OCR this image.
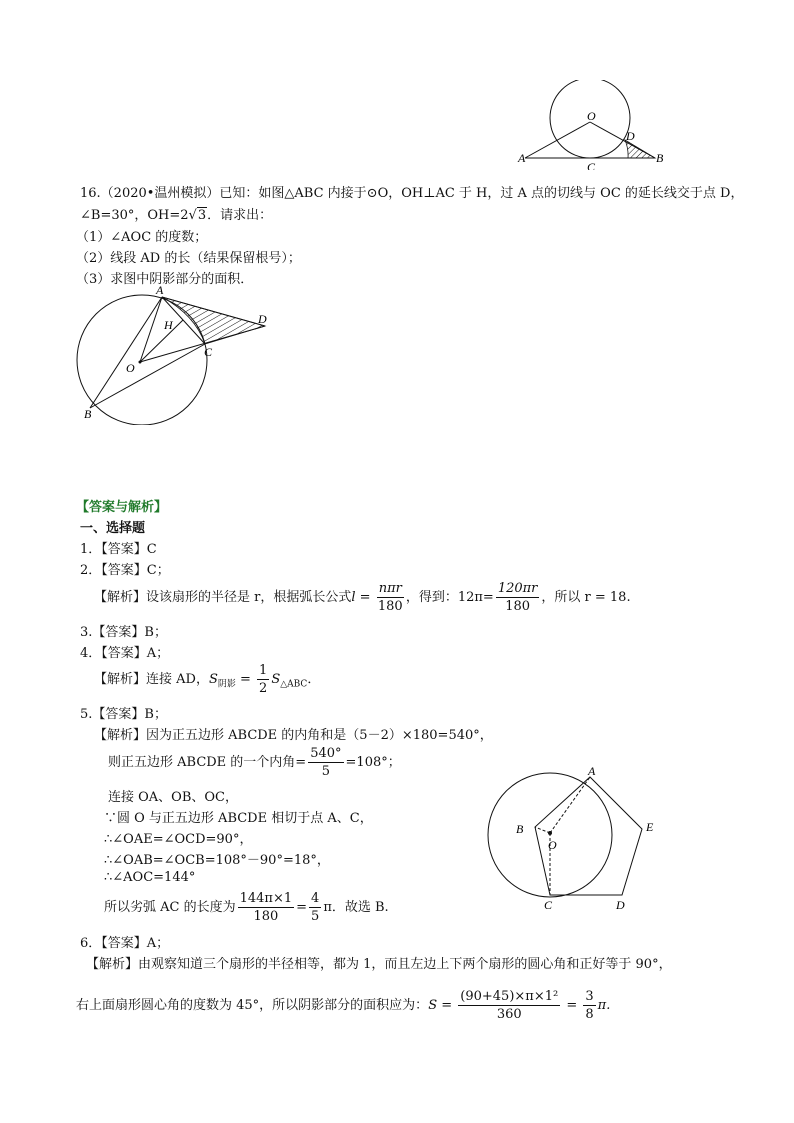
O
D
A
C
B
16.（2020•温州模拟）已知：如图△ABC 内接于⊙O，OH⊥AC 于 H，过 A 点的切线与 OC 的延长线交于点 D，
∠B=30°，OH=2√3．请求出：
（1）∠AOC 的度数；
（2）线段 AD 的长（结果保留根号）；
（3）求图中阴影部分的面积．
A
D
H
C
O
B
【答案与解析】
一、选择题
1．【答案】C
2．【答案】C；
【解析】设该扇形的半径是 r，根据弧长公式$l = \frac{\text{nπr}}{180}$ ，得到：$12\pi= \frac{120\pi r}{180}$ ，所以 r = 18.
3.【答案】B；
4．【答案】A；
【解析】连接 AD，$S_{阴影} = \frac{1}{2} S_{\triangle ABC}$．
5.【答案】B；
【解析】因为正五边形 ABCDE 的内角和是（5－2）×180=540°，
则正五边形 ABCDE 的一个内角= $\frac{540^\circ}{5} =108^\circ$；
连接 OA、OB、OC，
∵圆 O 与正五边形 ABCDE 相切于点 A、C，
∴∠OAE=∠OCD=90°，
∴∠OAB=∠OCB=108°－90°=18°，
∴∠AOC=144°
所以劣弧 AC 的长度为 $\frac{144\pi\times 1}{180} = \frac{4}{5}$ π．故选 B.
A
B
O
E
C	D
6．【答案】A；
【解析】由观察知道三个扇形的半径相等，都为 1，而且左边上下两个扇形的圆心角和正好等于 90°，
右上面扇形圆心角的度数为 45°，所以阴影部分的面积应为：$S = \frac{\text{(90+45)×π×1²}}{360} = \frac{3}{8} \pi$.
